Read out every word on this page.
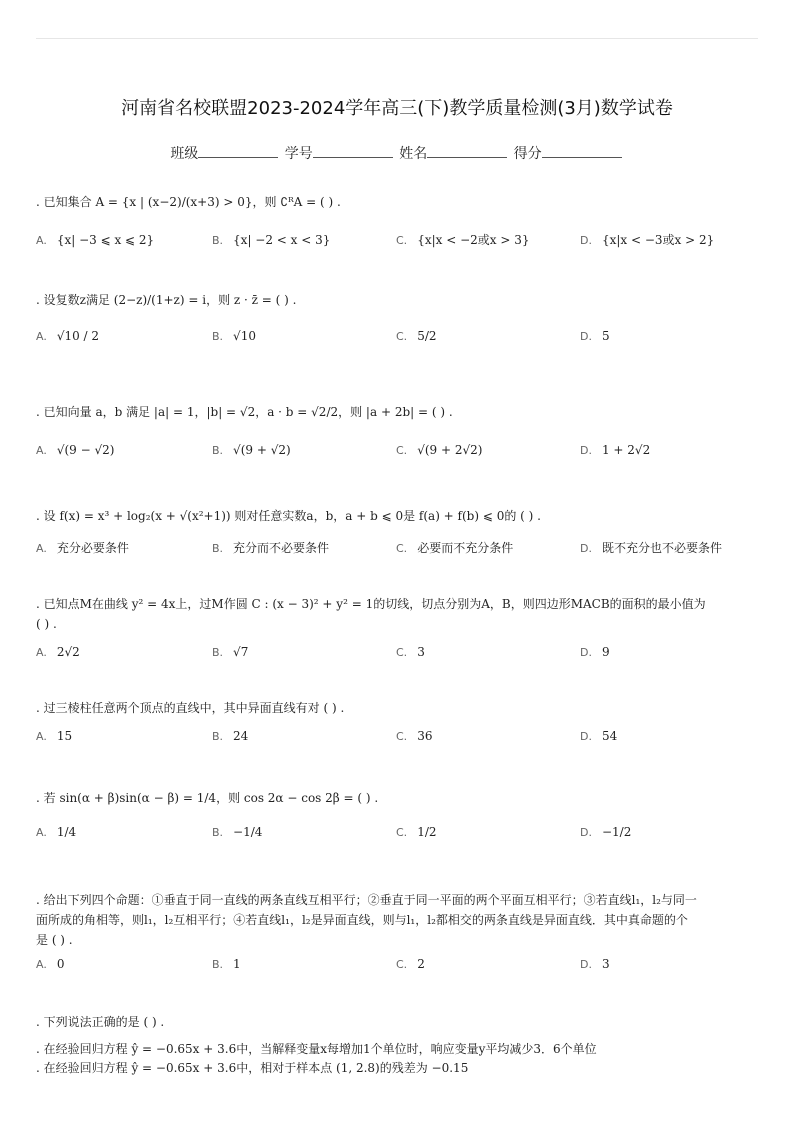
河南省名校联盟2023-2024学年高三(下)教学质量检测(3月)数学试卷
班级	学号	姓名	得分
. 已知集合 A = {x | (x−2)/(x+3) > 0}，则 ∁ᴿA = ( ) .
A. {x| −3 ⩽ x ⩽ 2}	B. {x| −2 < x < 3}	C. {x|x < −2或x > 3}	D. {x|x < −3或x > 2}
. 设复数z满足 (2−z)/(1+z) = i，则 z · z̄ = ( ) .
A. √10 / 2	B. √10	C. 5/2	D. 5
. 已知向量 a，b 满足 |a| = 1，|b| = √2，a · b = √2/2，则 |a + 2b| = ( ) .
A. √(9 − √2)	B. √(9 + √2)	C. √(9 + 2√2)	D. 1 + 2√2
. 设 f(x) = x³ + log₂(x + √(x²+1)) 则对任意实数a，b，a + b ⩽ 0是 f(a) + f(b) ⩽ 0的 ( ) .
A. 充分必要条件	B. 充分而不必要条件	C. 必要而不充分条件	D. 既不充分也不必要条件
. 已知点M在曲线 y² = 4x上，过M作圆 C : (x − 3)² + y² = 1的切线，切点分别为A，B，则四边形MACB的面积的最小值为
( ) .
A. 2√2	B. √7	C. 3	D. 9
. 过三棱柱任意两个顶点的直线中，其中异面直线有对 ( ) .
A. 15	B. 24	C. 36	D. 54
. 若 sin(α + β)sin(α − β) = 1/4，则 cos 2α − cos 2β = ( ) .
A. 1/4	B. −1/4	C. 1/2	D. −1/2
. 给出下列四个命题：①垂直于同一直线的两条直线互相平行；②垂直于同一平面的两个平面互相平行；③若直线l₁，l₂与同一
面所成的角相等，则l₁，l₂互相平行；④若直线l₁，l₂是异面直线，则与l₁，l₂都相交的两条直线是异面直线．其中真命题的个
是 ( ) .
A. 0	B. 1	C. 2	D. 3
. 下列说法正确的是 ( ) .
. 在经验回归方程 ŷ = −0.65x + 3.6中，当解释变量x每增加1个单位时，响应变量y平均减少3．6个单位
. 在经验回归方程 ŷ = −0.65x + 3.6中，相对于样本点 (1, 2.8)的残差为 −0.15
